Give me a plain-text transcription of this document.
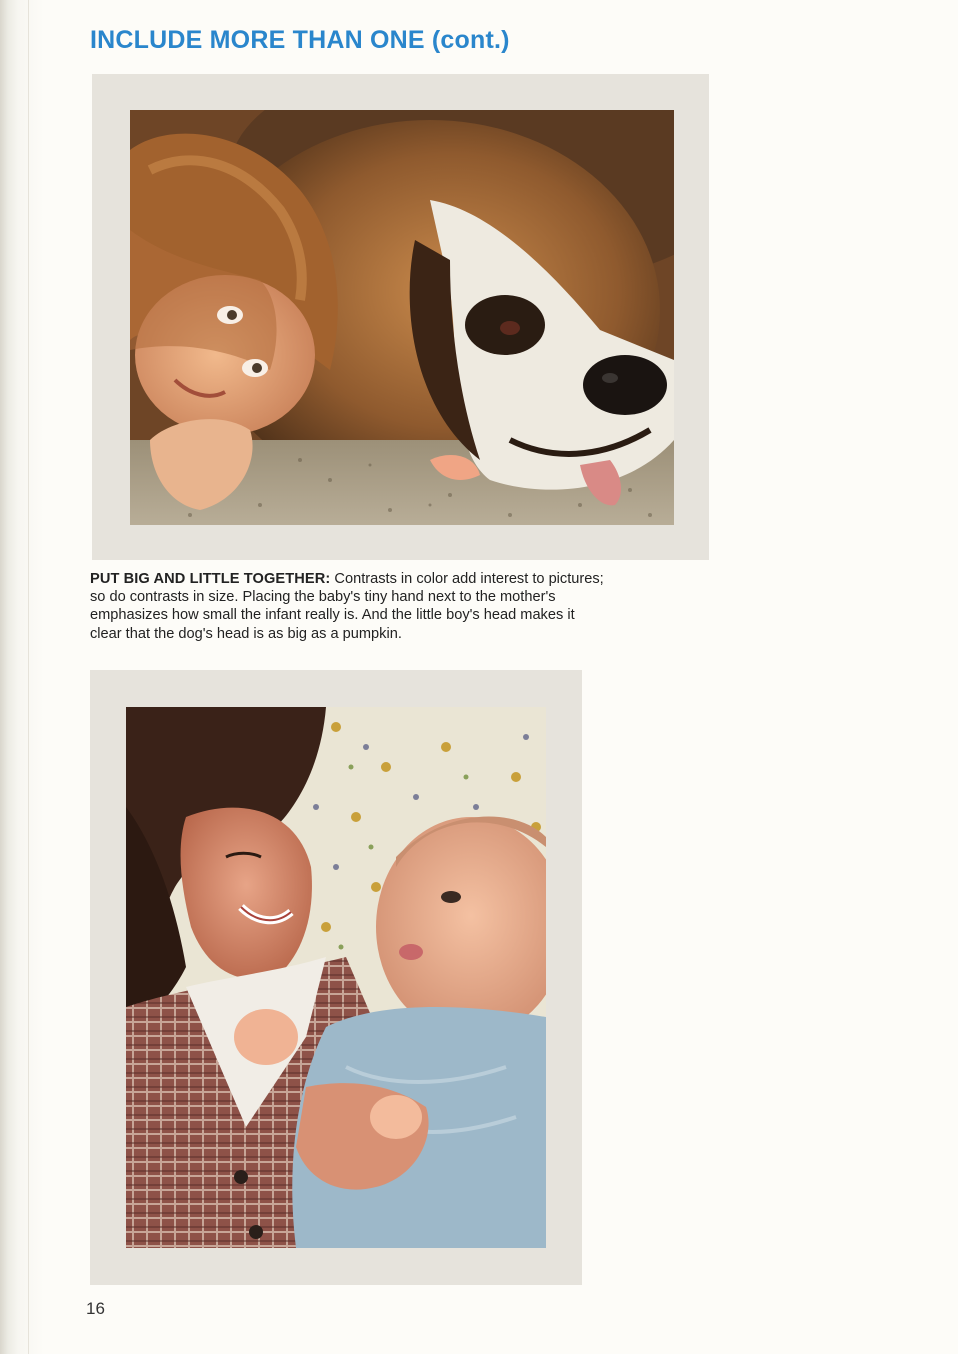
INCLUDE MORE THAN ONE (cont.)

PUT BIG AND LITTLE TOGETHER: Contrasts in color add interest to pictures; so do contrasts in size. Placing the baby's tiny hand next to the mother's emphasizes how small the infant really is. And the little boy's head makes it clear that the dog's head is as big as a pumpkin.

16
